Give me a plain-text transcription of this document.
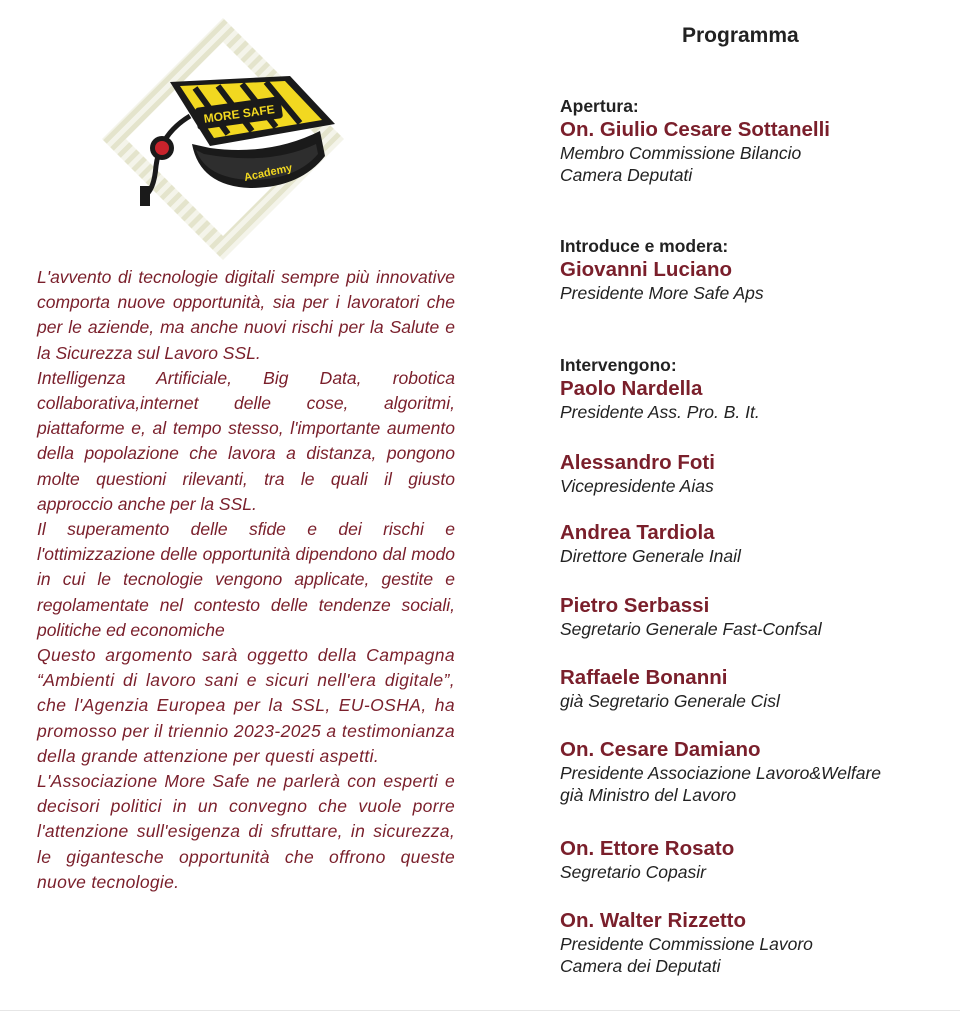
MORE SAFE
Academy

L'avvento di tecnologie digitali sempre più innovative comporta nuove opportunità, sia per i lavoratori che per le aziende, ma anche nuovi rischi per la Salute e la Sicurezza sul Lavoro SSL.

Intelligenza Artificiale, Big Data, robotica collaborativa,internet delle cose, algoritmi, piattaforme e, al tempo stesso, l'importante aumento della popolazione che lavora a distanza, pongono molte questioni rilevanti, tra le quali il giusto approccio anche per la SSL.

Il superamento delle sfide e dei rischi e l'ottimizzazione delle opportunità dipendono dal modo in cui le tecnologie vengono applicate, gestite e regolamentate nel contesto delle tendenze sociali, politiche ed economiche

Questo argomento sarà oggetto della Campagna “Ambienti di lavoro sani e sicuri nell'era digitale”, che l'Agenzia Europea per la SSL, EU-OSHA, ha promosso per il triennio 2023-2025 a testimonianza della grande attenzione per questi aspetti.

L'Associazione More Safe ne parlerà con esperti e decisori politici in un convegno che vuole porre l'attenzione sull'esigenza di sfruttare, in sicurezza, le gigantesche opportunità che offrono queste nuove tecnologie.

Programma
Apertura:
On. Giulio Cesare Sottanelli
Membro Commissione Bilancio
Camera Deputati
Introduce e modera:
Giovanni Luciano
Presidente More Safe Aps
Intervengono:
Paolo Nardella
Presidente Ass. Pro. B. It.
Alessandro Foti
Vicepresidente Aias
Andrea Tardiola
Direttore Generale Inail
Pietro Serbassi
Segretario Generale Fast-Confsal
Raffaele Bonanni
già Segretario Generale Cisl
On. Cesare Damiano
Presidente Associazione Lavoro&Welfare
già Ministro del Lavoro
On. Ettore Rosato
Segretario Copasir
On. Walter Rizzetto
Presidente Commissione Lavoro
Camera dei Deputati
